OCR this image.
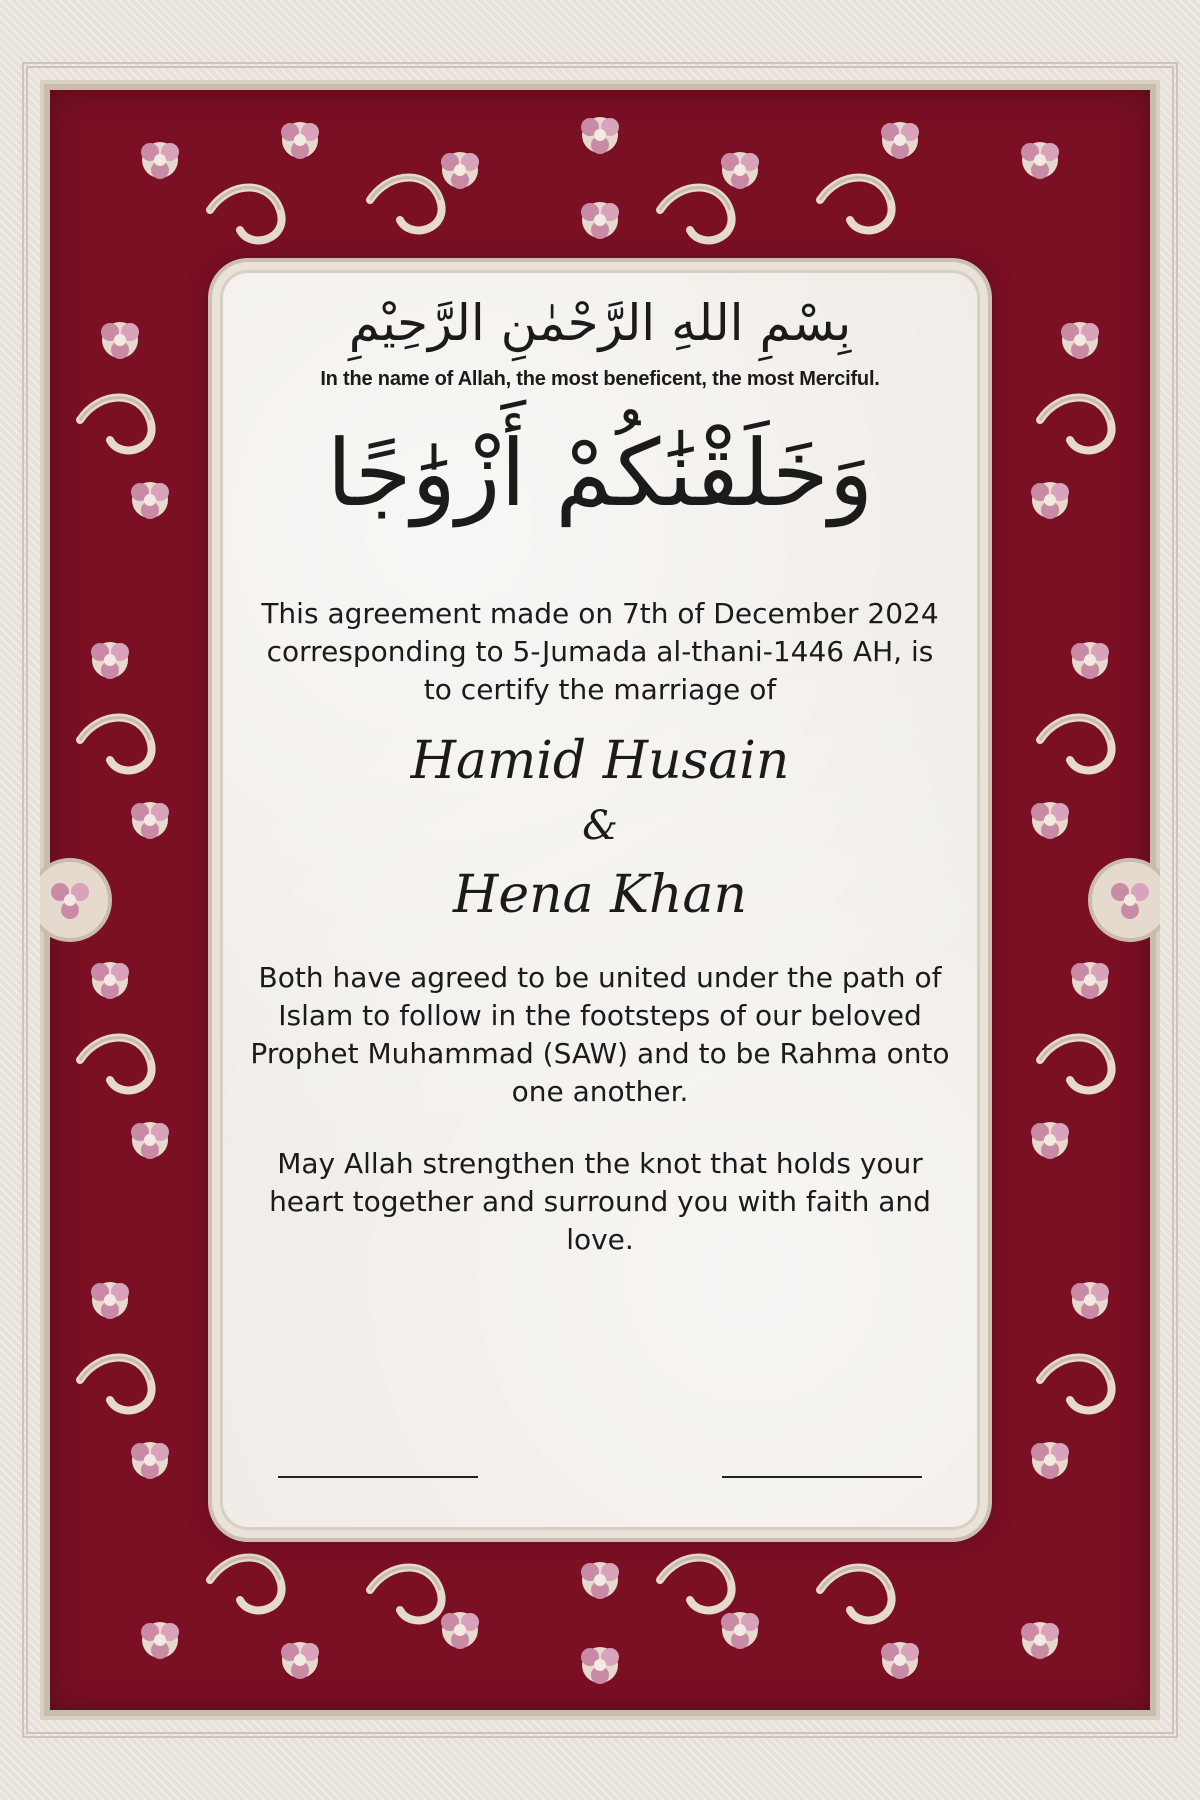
بِسْمِ اللهِ الرَّحْمٰنِ الرَّحِيْمِ

In the name of Allah, the most beneficent, the most Merciful.

وَخَلَقْنَٰكُمْ أَزْوَٰجًا

This agreement made on 7th of December 2024 corresponding to 5-Jumada al-thani-1446 AH, is to certify the marriage of

Hamid Husain

&

Hena Khan

Both have agreed to be united under the path of Islam to follow in the footsteps of our beloved Prophet Muhammad (SAW) and to be Rahma onto one another.

May Allah strengthen the knot that holds your heart together and surround you with faith and love.
